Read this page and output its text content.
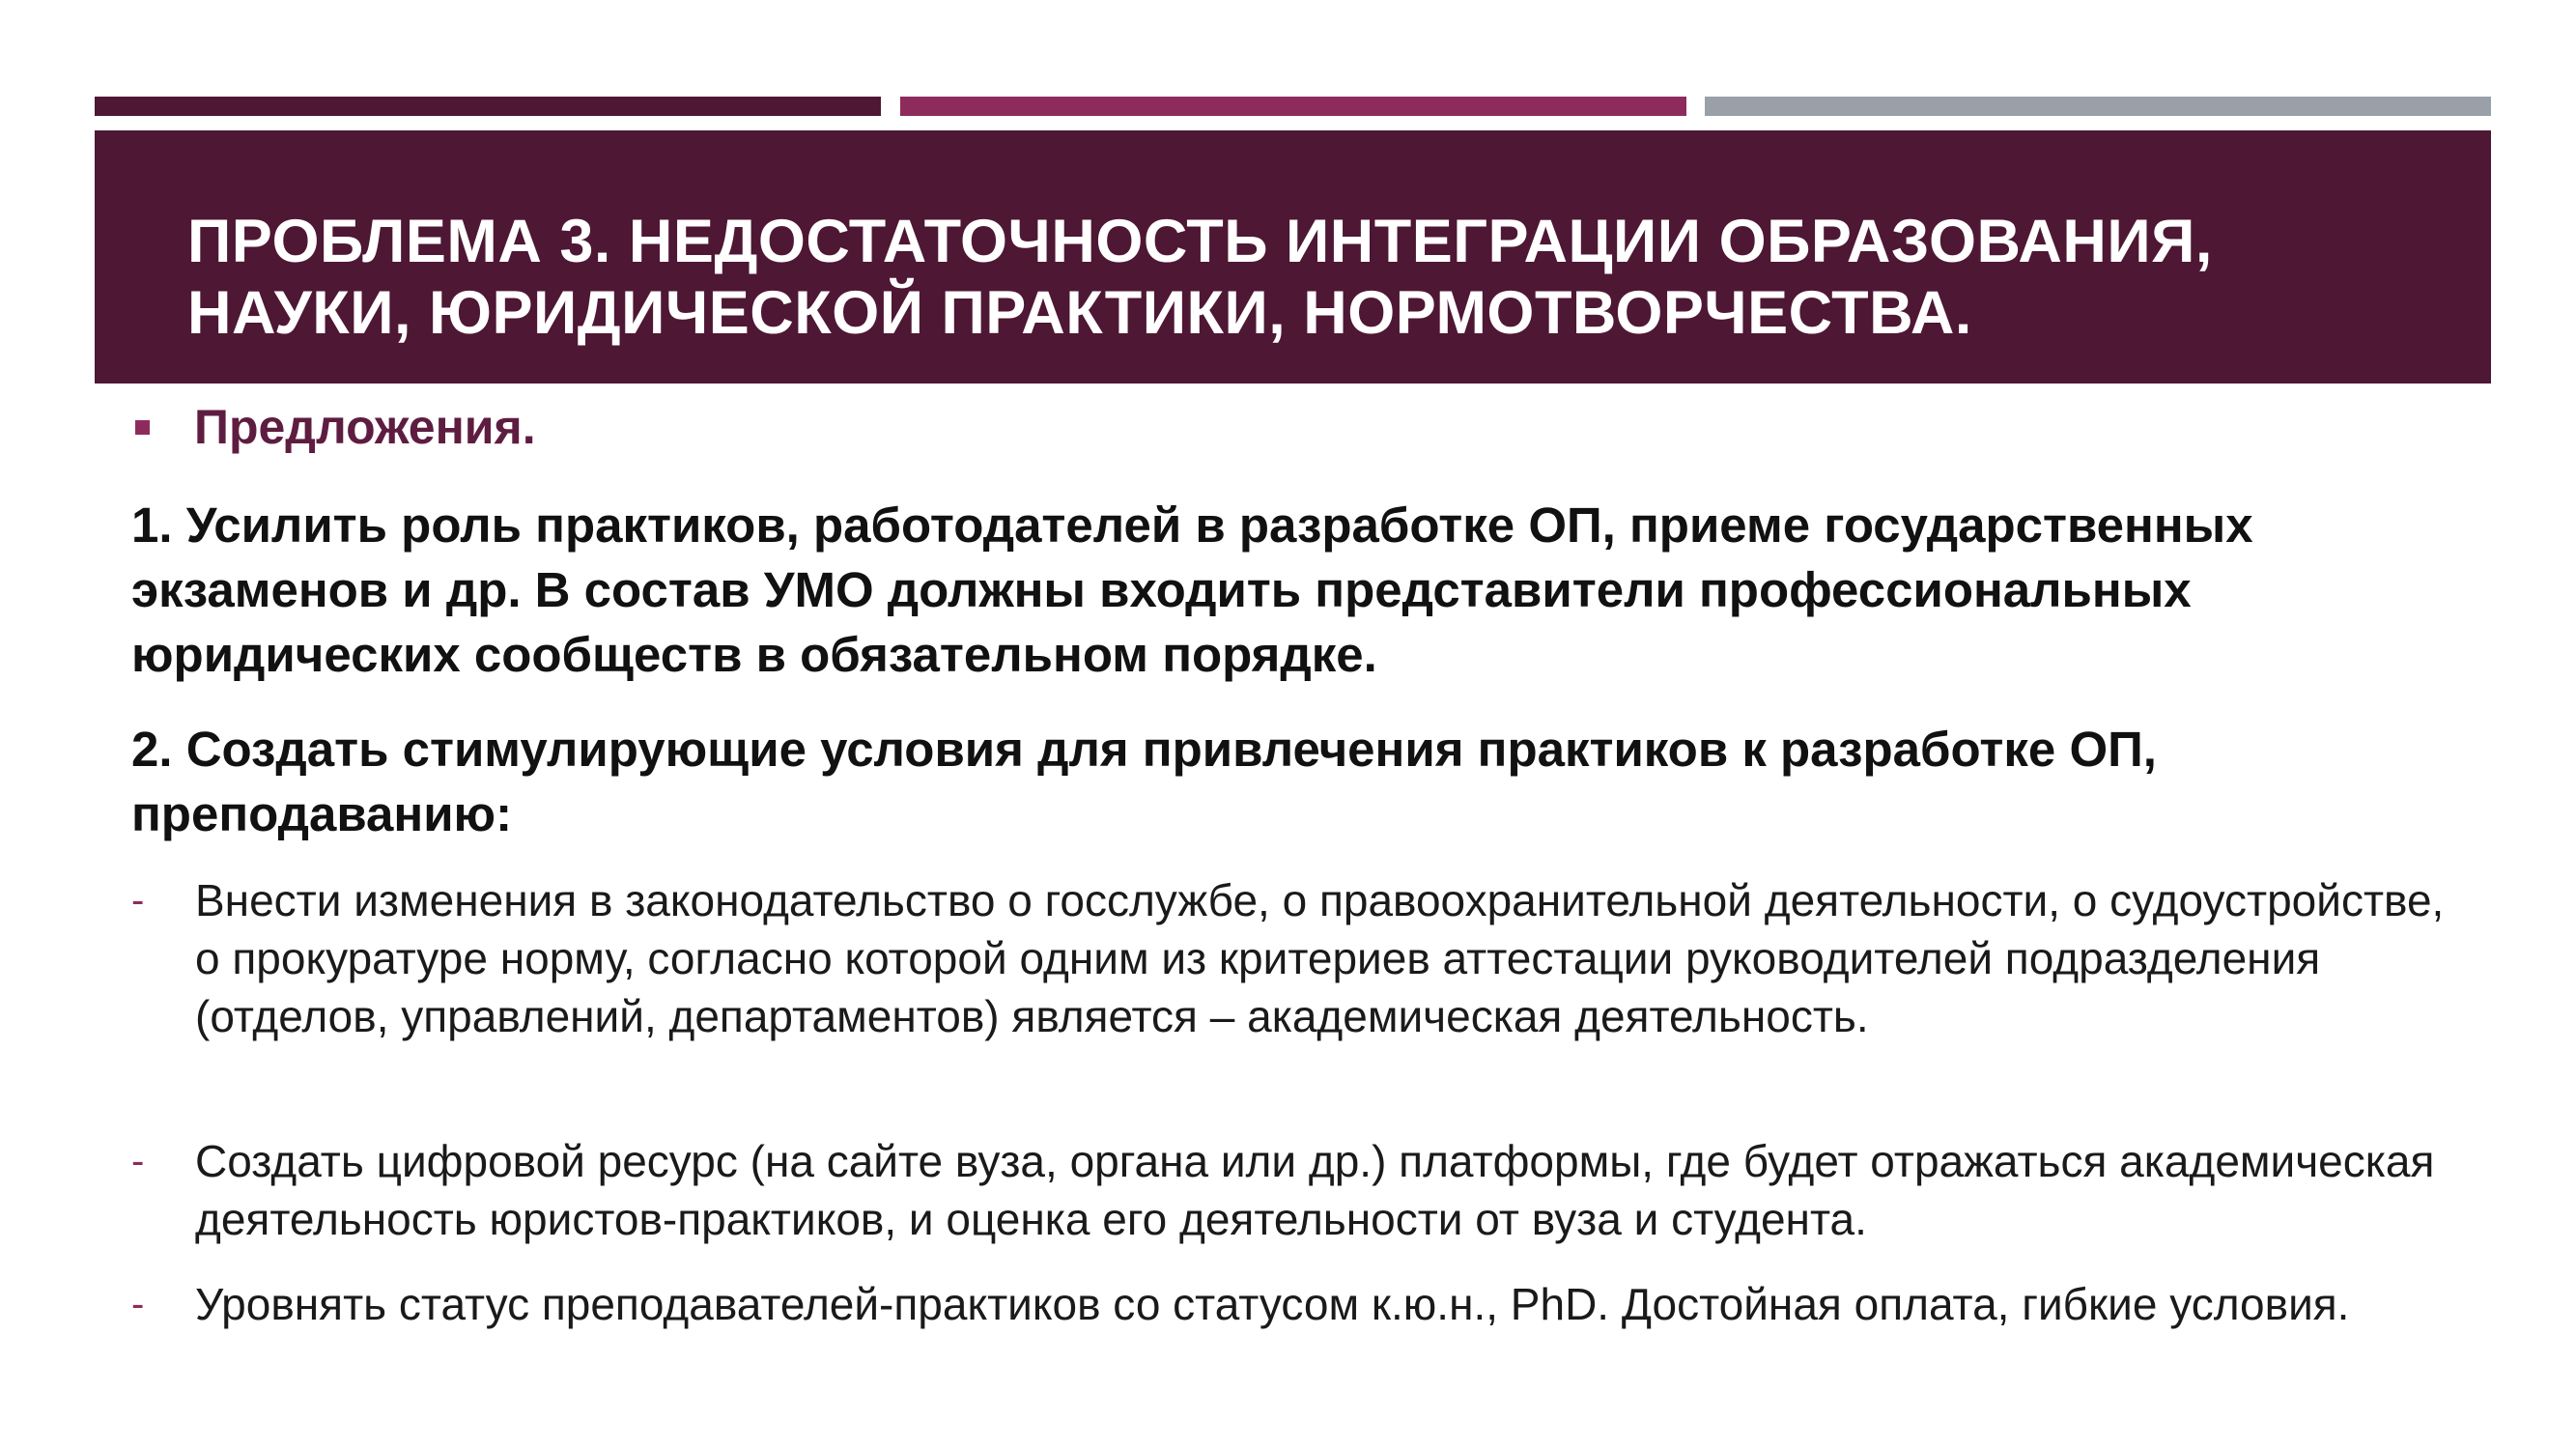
ПРОБЛЕМА 3. НЕДОСТАТОЧНОСТЬ ИНТЕГРАЦИИ ОБРАЗОВАНИЯ,
НАУКИ, ЮРИДИЧЕСКОЙ ПРАКТИКИ, НОРМОТВОРЧЕСТВА.
Предложения.

1. Усилить роль практиков, работодателей в разработке ОП, приеме государственных экзаменов и др. В состав УМО должны входить представители профессиональных юридических сообществ в обязательном порядке.

2. Создать стимулирующие условия для привлечения практиков к разработке ОП, преподаванию:

-	Внести изменения в законодательство о госслужбе, о правоохранительной деятельности, о судоустройстве, о прокуратуре норму, согласно которой одним из критериев аттестации руководителей подразделения (отделов, управлений, департаментов) является – академическая деятельность.

-	Создать цифровой ресурс (на сайте вуза, органа или др.) платформы, где будет отражаться академическая деятельность юристов-практиков, и оценка его деятельности от вуза и студента.

-	Уровнять статус преподавателей-практиков со статусом к.ю.н., PhD. Достойная оплата, гибкие условия.
